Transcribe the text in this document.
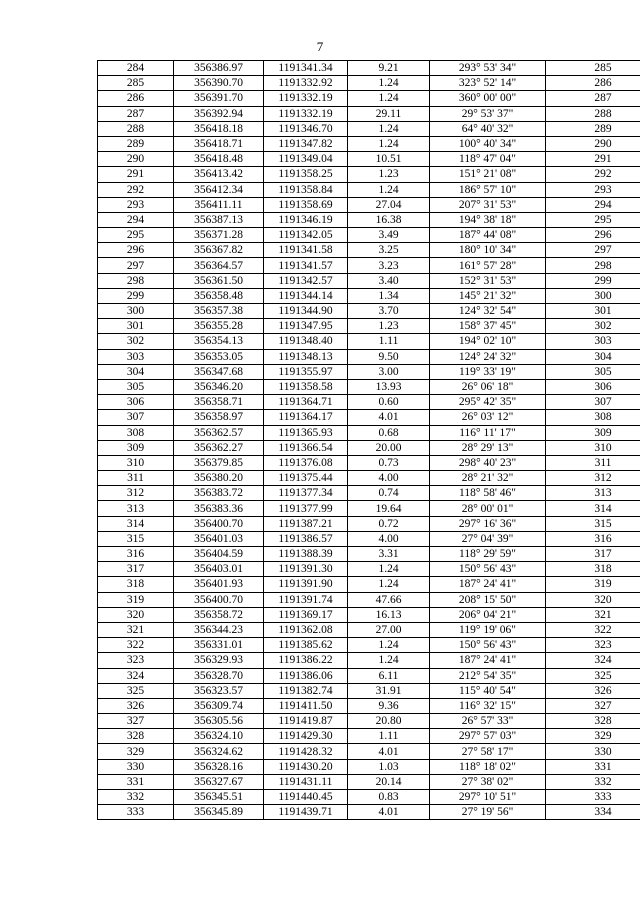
7
284	356386.97	1191341.34	9.21	293° 53' 34"	285
285	356390.70	1191332.92	1.24	323° 52' 14"	286
286	356391.70	1191332.19	1.24	360° 00' 00"	287
287	356392.94	1191332.19	29.11	29° 53' 37"	288
288	356418.18	1191346.70	1.24	64° 40' 32"	289
289	356418.71	1191347.82	1.24	100° 40' 34"	290
290	356418.48	1191349.04	10.51	118° 47' 04"	291
291	356413.42	1191358.25	1.23	151° 21' 08"	292
292	356412.34	1191358.84	1.24	186° 57' 10"	293
293	356411.11	1191358.69	27.04	207° 31' 53"	294
294	356387.13	1191346.19	16.38	194° 38' 18"	295
295	356371.28	1191342.05	3.49	187° 44' 08"	296
296	356367.82	1191341.58	3.25	180° 10' 34"	297
297	356364.57	1191341.57	3.23	161° 57' 28"	298
298	356361.50	1191342.57	3.40	152° 31' 53"	299
299	356358.48	1191344.14	1.34	145° 21' 32"	300
300	356357.38	1191344.90	3.70	124° 32' 54"	301
301	356355.28	1191347.95	1.23	158° 37' 45"	302
302	356354.13	1191348.40	1.11	194° 02' 10"	303
303	356353.05	1191348.13	9.50	124° 24' 32"	304
304	356347.68	1191355.97	3.00	119° 33' 19"	305
305	356346.20	1191358.58	13.93	26° 06' 18"	306
306	356358.71	1191364.71	0.60	295° 42' 35"	307
307	356358.97	1191364.17	4.01	26° 03' 12"	308
308	356362.57	1191365.93	0.68	116° 11' 17"	309
309	356362.27	1191366.54	20.00	28° 29' 13"	310
310	356379.85	1191376.08	0.73	298° 40' 23"	311
311	356380.20	1191375.44	4.00	28° 21' 32"	312
312	356383.72	1191377.34	0.74	118° 58' 46"	313
313	356383.36	1191377.99	19.64	28° 00' 01"	314
314	356400.70	1191387.21	0.72	297° 16' 36"	315
315	356401.03	1191386.57	4.00	27° 04' 39"	316
316	356404.59	1191388.39	3.31	118° 29' 59"	317
317	356403.01	1191391.30	1.24	150° 56' 43"	318
318	356401.93	1191391.90	1.24	187° 24' 41"	319
319	356400.70	1191391.74	47.66	208° 15' 50"	320
320	356358.72	1191369.17	16.13	206° 04' 21"	321
321	356344.23	1191362.08	27.00	119° 19' 06"	322
322	356331.01	1191385.62	1.24	150° 56' 43"	323
323	356329.93	1191386.22	1.24	187° 24' 41"	324
324	356328.70	1191386.06	6.11	212° 54' 35"	325
325	356323.57	1191382.74	31.91	115° 40' 54"	326
326	356309.74	1191411.50	9.36	116° 32' 15"	327
327	356305.56	1191419.87	20.80	26° 57' 33"	328
328	356324.10	1191429.30	1.11	297° 57' 03"	329
329	356324.62	1191428.32	4.01	27° 58' 17"	330
330	356328.16	1191430.20	1.03	118° 18' 02"	331
331	356327.67	1191431.11	20.14	27° 38' 02"	332
332	356345.51	1191440.45	0.83	297° 10' 51"	333
333	356345.89	1191439.71	4.01	27° 19' 56"	334
